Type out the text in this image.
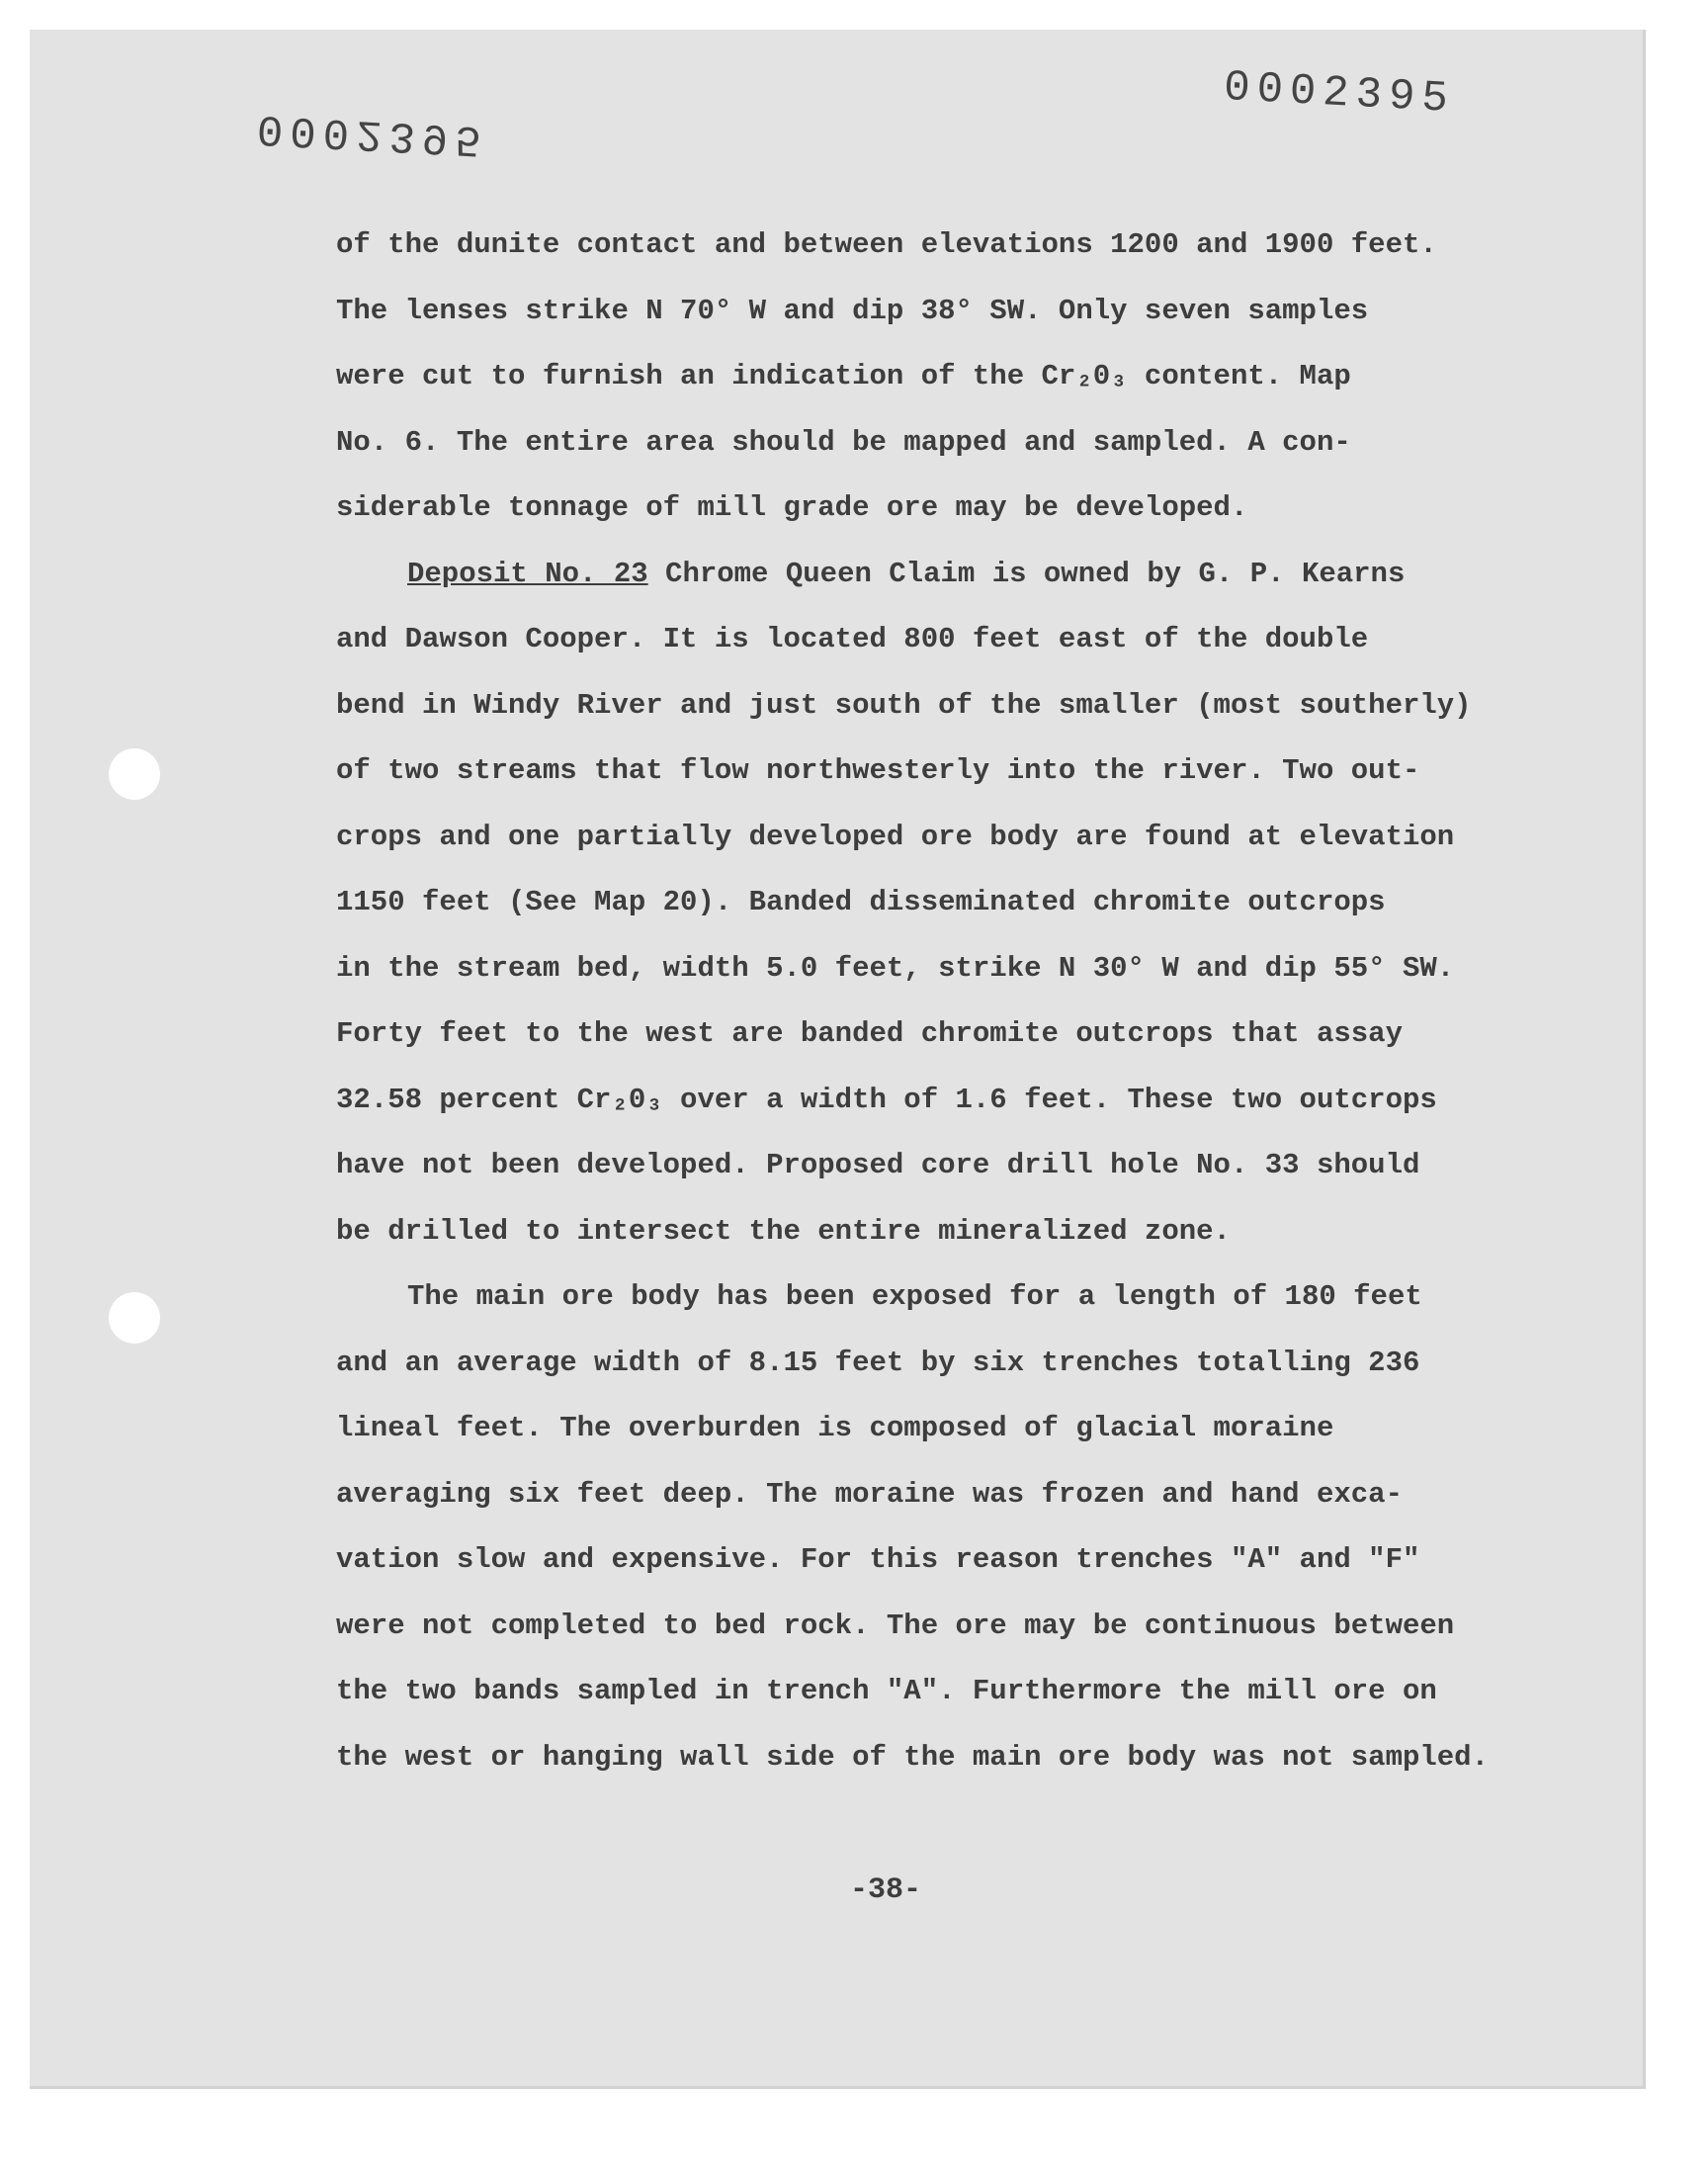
0002395
0002395
of the dunite contact and between elevations 1200 and 1900 feet.
The lenses strike N 70° W and dip 38° SW. Only seven samples
were cut to furnish an indication of the Cr₂0₃ content. Map
No. 6. The entire area should be mapped and sampled. A con-
siderable tonnage of mill grade ore may be developed.
Deposit No. 23 Chrome Queen Claim is owned by G. P. Kearns
and Dawson Cooper. It is located 800 feet east of the double
bend in Windy River and just south of the smaller (most southerly)
of two streams that flow northwesterly into the river. Two out-
crops and one partially developed ore body are found at elevation
1150 feet (See Map 20). Banded disseminated chromite outcrops
in the stream bed, width 5.0 feet, strike N 30° W and dip 55° SW.
Forty feet to the west are banded chromite outcrops that assay
32.58 percent Cr₂0₃ over a width of 1.6 feet. These two outcrops
have not been developed. Proposed core drill hole No. 33 should
be drilled to intersect the entire mineralized zone.
The main ore body has been exposed for a length of 180 feet
and an average width of 8.15 feet by six trenches totalling 236
lineal feet. The overburden is composed of glacial moraine
averaging six feet deep. The moraine was frozen and hand exca-
vation slow and expensive. For this reason trenches "A" and "F"
were not completed to bed rock. The ore may be continuous between
the two bands sampled in trench "A". Furthermore the mill ore on
the west or hanging wall side of the main ore body was not sampled.
-38-
